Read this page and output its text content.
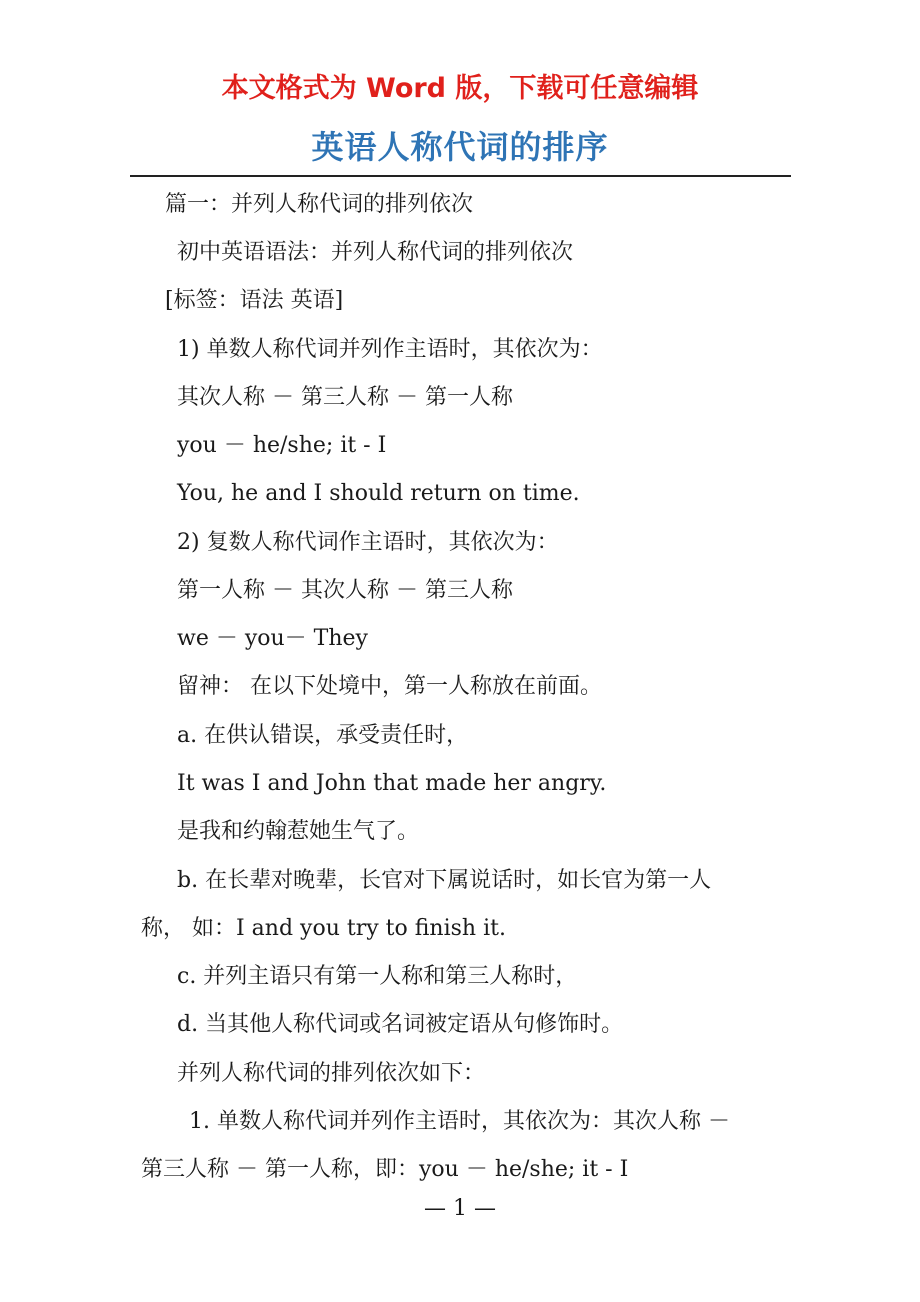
本文格式为 Word 版，下载可任意编辑
英语人称代词的排序
篇一：并列人称代词的排列依次
初中英语语法：并列人称代词的排列依次
[标签：语法 英语]
1) 单数人称代词并列作主语时，其依次为：
其次人称 － 第三人称 － 第一人称
you － he/she; it - I
You, he and I should return on time.
2) 复数人称代词作主语时，其依次为：
第一人称 － 其次人称 － 第三人称
we － you－ They
留神： 在以下处境中，第一人称放在前面。
a. 在供认错误，承受责任时，
It was I and John that made her angry.
是我和约翰惹她生气了。
b. 在长辈对晚辈，长官对下属说话时，如长官为第一人
称， 如：I and you try to finish it.
c. 并列主语只有第一人称和第三人称时，
d. 当其他人称代词或名词被定语从句修饰时。
并列人称代词的排列依次如下：
1. 单数人称代词并列作主语时，其依次为：其次人称 －
第三人称 － 第一人称，即：you － he/she; it - I
— 1 —
